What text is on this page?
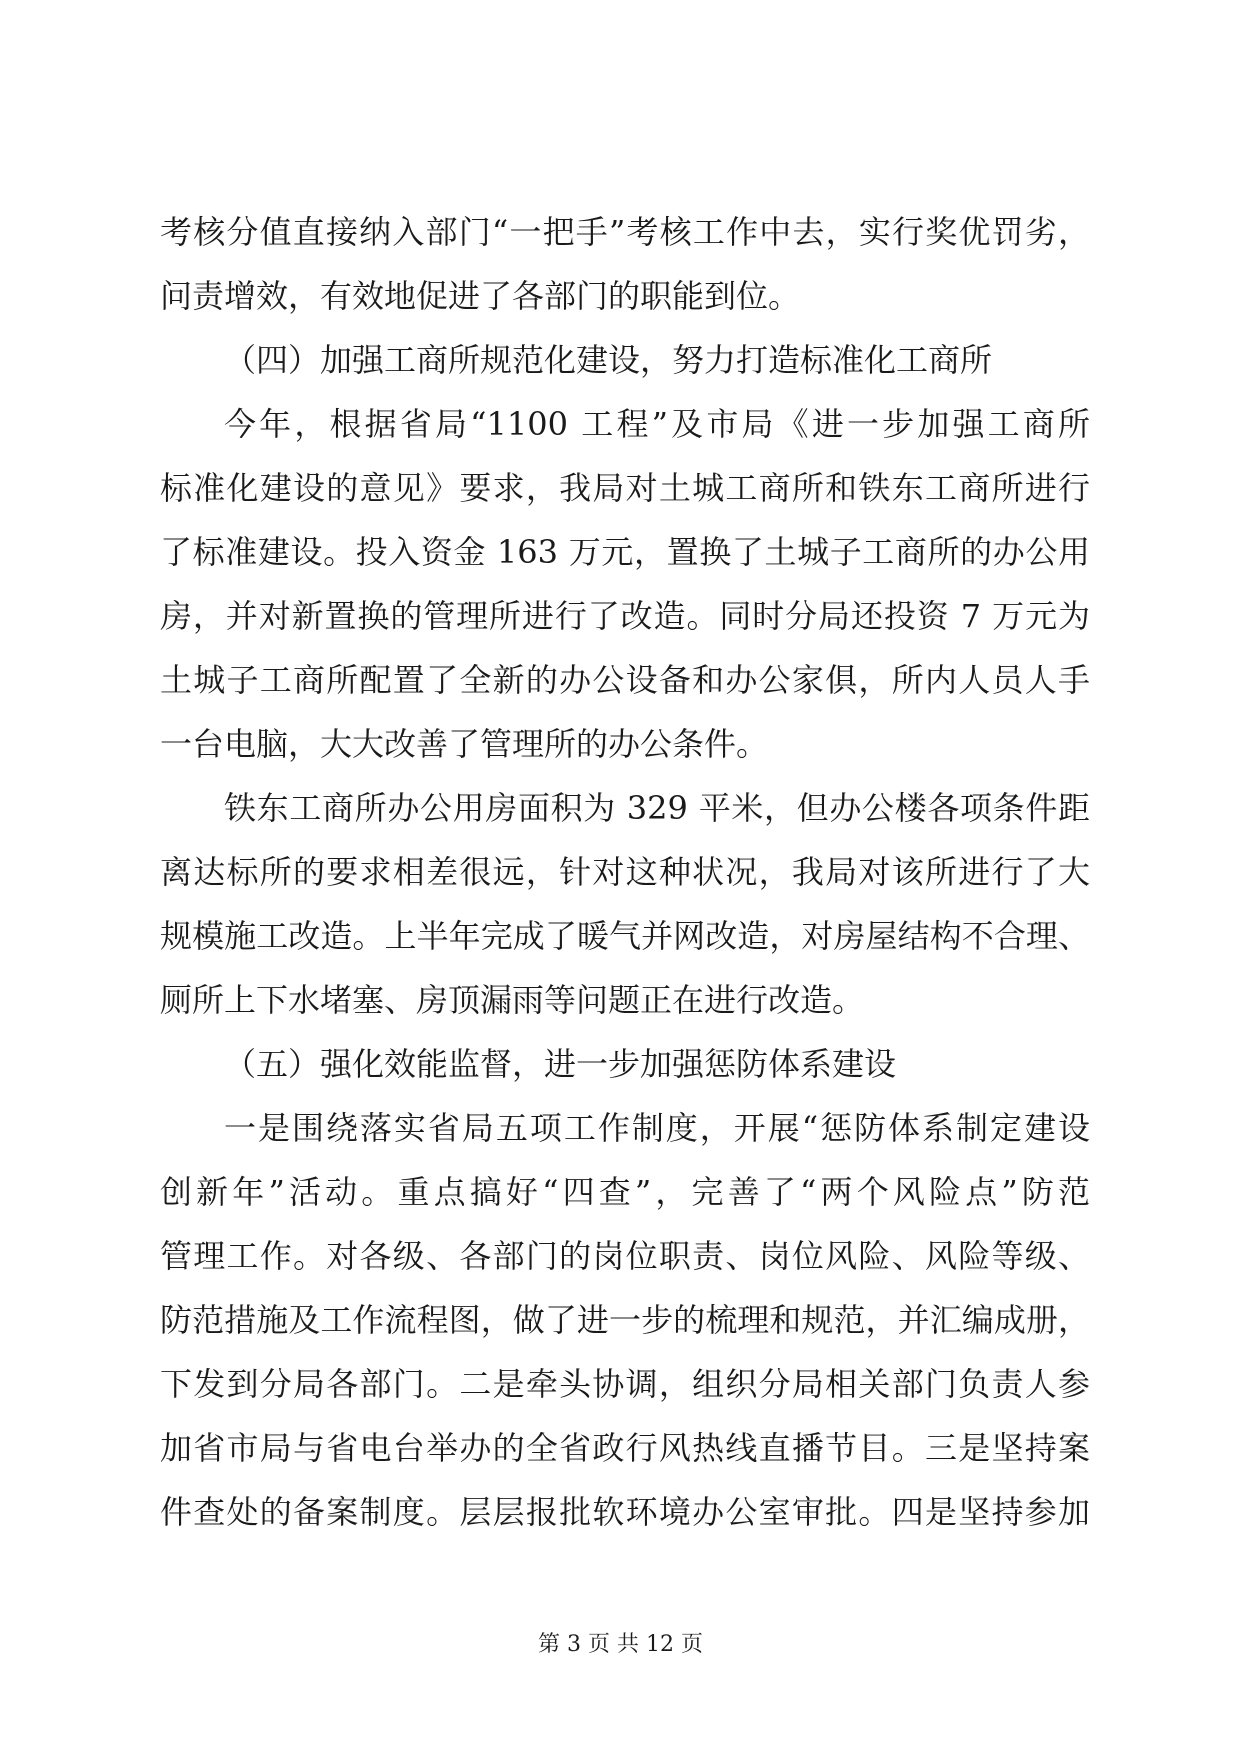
考核分值直接纳入部门“一把手”考核工作中去，实行奖优罚劣，
问责增效，有效地促进了各部门的职能到位。
（四）加强工商所规范化建设，努力打造标准化工商所
今年，根据省局“1100 工程”及市局《进一步加强工商所
标准化建设的意见》要求，我局对土城工商所和铁东工商所进行
了标准建设。投入资金 163 万元，置换了土城子工商所的办公用
房，并对新置换的管理所进行了改造。同时分局还投资 7 万元为
土城子工商所配置了全新的办公设备和办公家俱，所内人员人手
一台电脑，大大改善了管理所的办公条件。
铁东工商所办公用房面积为 329 平米，但办公楼各项条件距
离达标所的要求相差很远，针对这种状况，我局对该所进行了大
规模施工改造。上半年完成了暖气并网改造，对房屋结构不合理、
厕所上下水堵塞、房顶漏雨等问题正在进行改造。
（五）强化效能监督，进一步加强惩防体系建设
一是围绕落实省局五项工作制度，开展“惩防体系制定建设
创新年”活动。重点搞好“四查”，完善了“两个风险点”防范
管理工作。对各级、各部门的岗位职责、岗位风险、风险等级、
防范措施及工作流程图，做了进一步的梳理和规范，并汇编成册，
下发到分局各部门。二是牵头协调，组织分局相关部门负责人参
加省市局与省电台举办的全省政行风热线直播节目。三是坚持案
件查处的备案制度。层层报批软环境办公室审批。四是坚持参加
第 3 页 共 12 页
